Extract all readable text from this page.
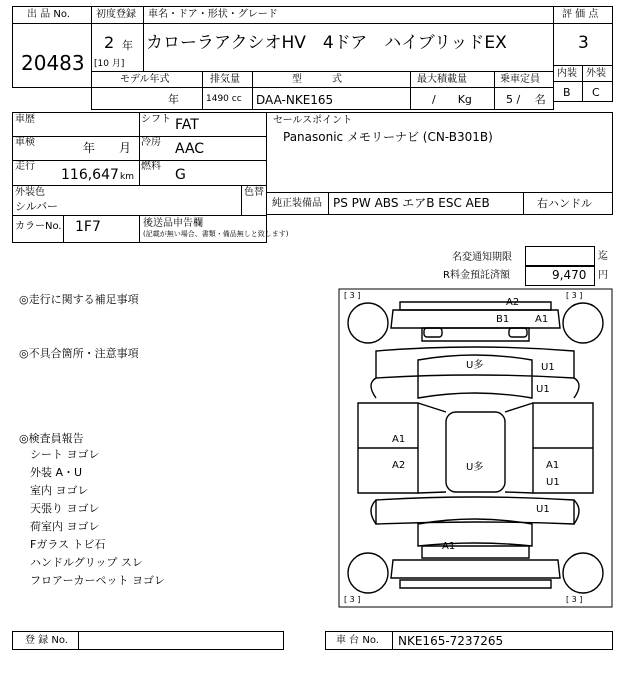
出 品 No.
20483
初度登録
2 年
[10 月]
車名・ドア・形状・グレード
カローラアクシオHV　4ドア　ハイブリッドEX
評 価 点
3
内装 外装
B C
モデル年式
年
排気量
1490 cc
型　　　式
DAA-NKE165
最大積載量
/　　Kg
乗車定員
5 /　 名
車歴
車検	年　　月
走行
116,647 km
シフト FAT
冷房 AAC
燃料
G
外装色
シルバー
色替
カラーNo. 1F7	後送品申告欄
(記載が無い場合、書類・備品無しと致します)
セールスポイント
Panasonic メモリーナビ (CN-B301B)
純正装備品 PS PW ABS エアB ESC AEB	右ハンドル
名変通知期限	迄
R料金預託済額	9,470 円
◎走行に関する補足事項
◎不具合箇所・注意事項
◎検査員報告
シート ヨゴレ
外装 A・U
室内 ヨゴレ
天張り ヨゴレ
荷室内 ヨゴレ
Fガラス トビ石
ハンドルグリップ スレ
フロアーカーペット ヨゴレ
[ 3 ]	[ 3 ]
[ 3 ]	[ 3 ]
A2
B1	A1
U多	U1
U1
A1
A2	U多	A1
U1
U1
A1
登 録 No.	車 台 No. NKE165-7237265
